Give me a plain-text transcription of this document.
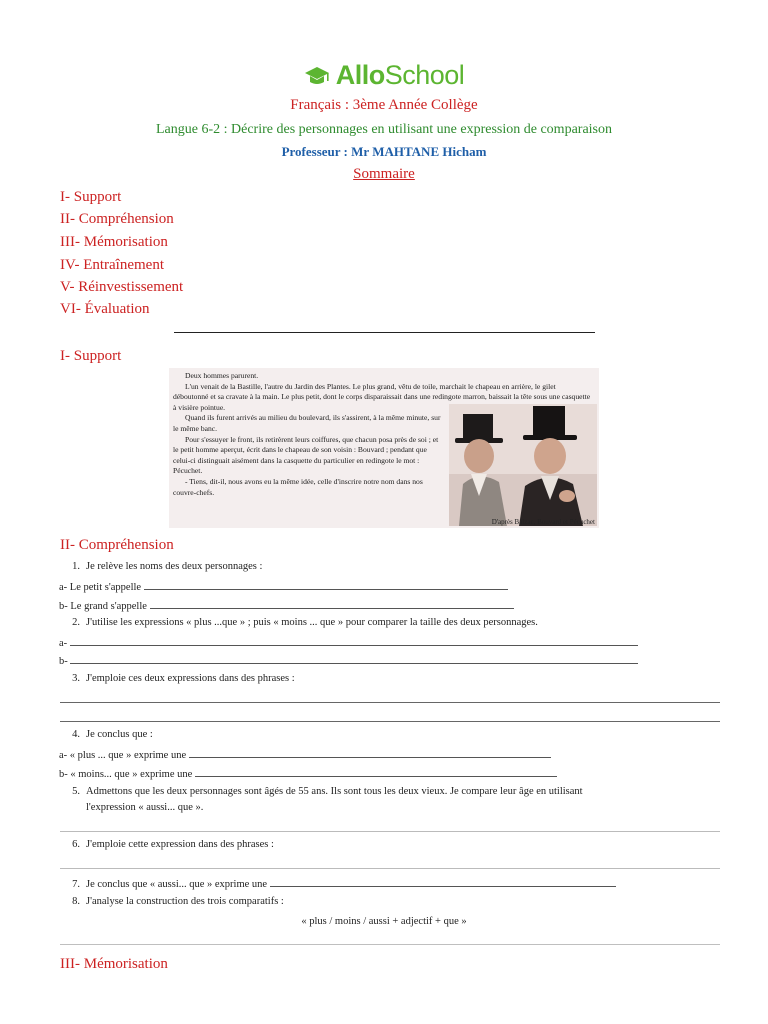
AlloSchool
Français : 3ème Année Collège
Langue 6-2 : Décrire des personnages en utilisant une expression de comparaison
Professeur : Mr MAHTANE Hicham
Sommaire
I- Support
II- Compréhension
III- Mémorisation
IV- Entraînement
V- Réinvestissement
VI- Évaluation
I- Support

Deux hommes parurent.

L'un venait de la Bastille, l'autre du Jardin des Plantes. Le plus grand, vêtu de toile, marchait le chapeau en arrière, le gilet déboutonné et sa cravate à la main. Le plus petit, dont le corps disparaissait dans une redingote marron, baissait la tête sous une casquette à visière pointue.

Quand ils furent arrivés au milieu du boulevard, ils s'assirent, à la même minute, sur le même banc.

Pour s'essuyer le front, ils retirèrent leurs coiffures, que chacun posa près de soi ; et le petit homme aperçut, écrit dans le chapeau de son voisin : Bouvard ; pendant que celui-ci distinguait aisément dans la casquette du particulier en redingote le mot : Pécuchet.

- Tiens, dit-il, nous avons eu la même idée, celle d'inscrire notre nom dans nos couvre-chefs.

D'après Balzac, Bouvard et Pécuchet
II- Compréhension
1. Je relève les noms des deux personnages :
a- Le petit s'appelle
b- Le grand s'appelle
2. J'utilise les expressions « plus ...que » ; puis « moins ... que » pour comparer la taille des deux personnages.
a-
b-
3. J'emploie ces deux expressions dans des phrases :
4. Je conclus que :
a- « plus ... que » exprime une
b- « moins... que » exprime une
5. Admettons que les deux personnages sont âgés de 55 ans. Ils sont tous les deux vieux. Je compare leur âge en utilisant
l'expression « aussi... que ».
6. J'emploie cette expression dans des phrases :
7. Je conclus que « aussi... que » exprime une
8. J'analyse la construction des trois comparatifs :
« plus / moins / aussi + adjectif + que »
III- Mémorisation
